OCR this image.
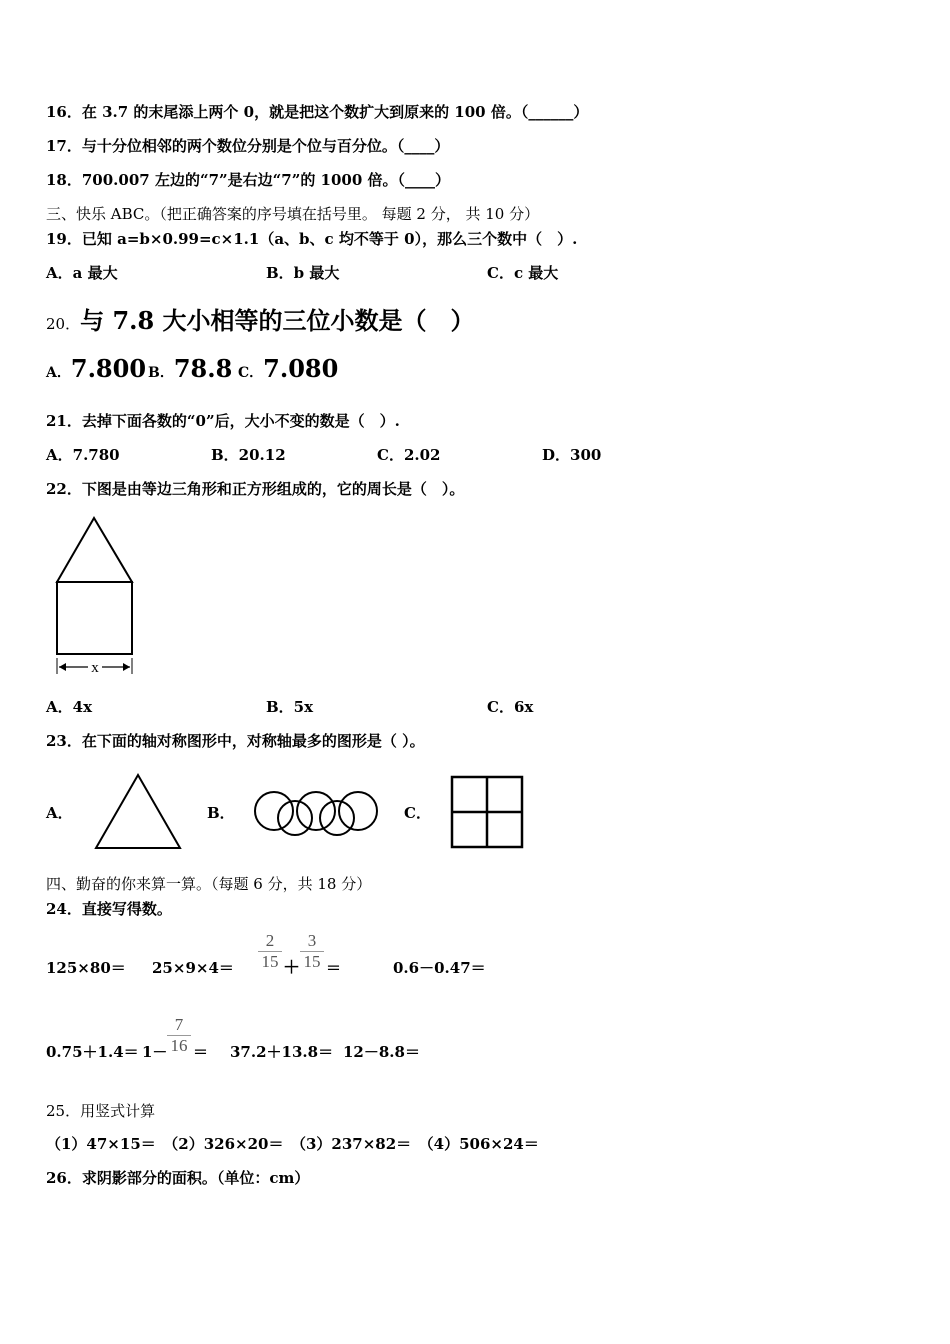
16．在 3.7 的末尾添上两个 0，就是把这个数扩大到原来的 100 倍。（______）
17．与十分位相邻的两个数位分别是个位与百分位。（____）
18．700.007 左边的“7”是右边“7”的 1000 倍。（____）
三、快乐 ABC。（把正确答案的序号填在括号里。 每题 2 分， 共 10 分）
19．已知 a=b×0.99=c×1.1（a、b、c 均不等于 0），那么三个数中（　）.
A．a 最大	B．b 最大	C．c 最大
20．与 7.8 大小相等的三位小数是（　）
A．7.800 B．78.8 C．7.080
21．去掉下面各数的“0”后，大小不变的数是（　）.
A．7.780	B．20.12	C．2.02	D．300
22．下图是由等边三角形和正方形组成的，它的周长是（　）。
x
A．4x	B．5x	C．6x
23．在下面的轴对称图形中，对称轴最多的图形是（ ）。
A．	B．	C．
四、勤奋的你来算一算。（每题 6 分，共 18 分）
24．直接写得数。
125×80＝ 25×9×4＝
2
15 ＋
3
15 ＝	0.6－0.47＝
0.75＋1.4＝ 1－
7
16 ＝ 37.2＋13.8＝ 12－8.8＝
25．用竖式计算
（1）47×15＝　（2）326×20＝　（3）237×82＝　（4）506×24＝
26．求阴影部分的面积。（单位：cm）
